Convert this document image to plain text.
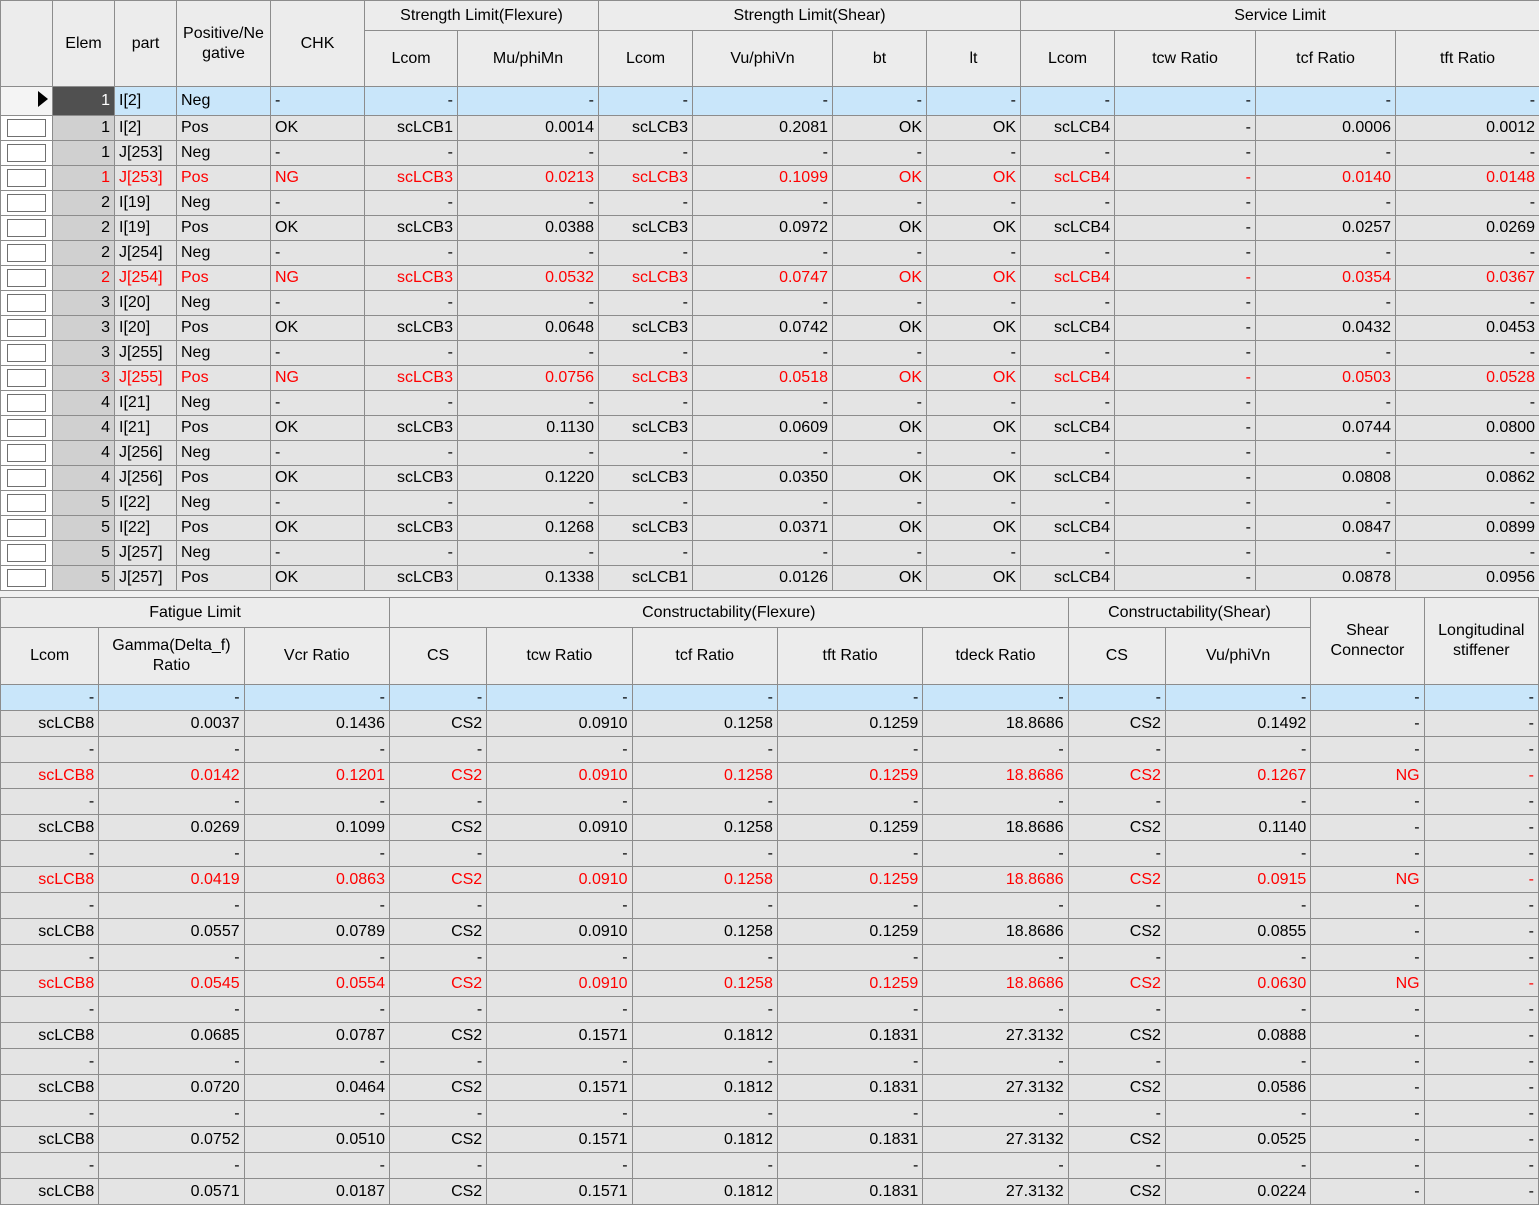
	Elem	part	Positive/Ne gative	CHK	Strength Limit(Flexure)		Strength Limit(Shear)				Service Limit			
					Lcom	Mu/phiMn	Lcom	Vu/phiVn	bt	lt	Lcom	tcw Ratio	tcf Ratio	tft Ratio
	1	I[2]	Neg	-	-	-	-	-	-	-	-	-	-	-

	1	I[2]	Pos	OK	scLCB1	0.0014	scLCB3	0.2081	OK	OK	scLCB4	-	0.0006	0.0012

	1	J[253]	Neg	-	-	-	-	-	-	-	-	-	-	-

	1	J[253]	Pos	NG	scLCB3	0.0213	scLCB3	0.1099	OK	OK	scLCB4	-	0.0140	0.0148

	2	I[19]	Neg	-	-	-	-	-	-	-	-	-	-	-

	2	I[19]	Pos	OK	scLCB3	0.0388	scLCB3	0.0972	OK	OK	scLCB4	-	0.0257	0.0269

	2	J[254]	Neg	-	-	-	-	-	-	-	-	-	-	-

	2	J[254]	Pos	NG	scLCB3	0.0532	scLCB3	0.0747	OK	OK	scLCB4	-	0.0354	0.0367

	3	I[20]	Neg	-	-	-	-	-	-	-	-	-	-	-

	3	I[20]	Pos	OK	scLCB3	0.0648	scLCB3	0.0742	OK	OK	scLCB4	-	0.0432	0.0453

	3	J[255]	Neg	-	-	-	-	-	-	-	-	-	-	-

	3	J[255]	Pos	NG	scLCB3	0.0756	scLCB3	0.0518	OK	OK	scLCB4	-	0.0503	0.0528

	4	I[21]	Neg	-	-	-	-	-	-	-	-	-	-	-

	4	I[21]	Pos	OK	scLCB3	0.1130	scLCB3	0.0609	OK	OK	scLCB4	-	0.0744	0.0800

	4	J[256]	Neg	-	-	-	-	-	-	-	-	-	-	-

	4	J[256]	Pos	OK	scLCB3	0.1220	scLCB3	0.0350	OK	OK	scLCB4	-	0.0808	0.0862

	5	I[22]	Neg	-	-	-	-	-	-	-	-	-	-	-

	5	I[22]	Pos	OK	scLCB3	0.1268	scLCB3	0.0371	OK	OK	scLCB4	-	0.0847	0.0899

	5	J[257]	Neg	-	-	-	-	-	-	-	-	-	-	-

	5	J[257]	Pos	OK	scLCB3	0.1338	scLCB1	0.0126	OK	OK	scLCB4	-	0.0878	0.0956
Fatigue Limit			Constructability(Flexure)					Constructability(Shear)		Shear Connector	Longitudinal stiffener
Lcom	Gamma(Delta_f) Ratio	Vcr Ratio	CS	tcw Ratio	tcf Ratio	tft Ratio	tdeck Ratio	CS	Vu/phiVn		
-	-	-	-	-	-	-	-	-	-	-	-
scLCB8	0.0037	0.1436	CS2	0.0910	0.1258	0.1259	18.8686	CS2	0.1492	-	-
-	-	-	-	-	-	-	-	-	-	-	-
scLCB8	0.0142	0.1201	CS2	0.0910	0.1258	0.1259	18.8686	CS2	0.1267	NG	-
-	-	-	-	-	-	-	-	-	-	-	-
scLCB8	0.0269	0.1099	CS2	0.0910	0.1258	0.1259	18.8686	CS2	0.1140	-	-
-	-	-	-	-	-	-	-	-	-	-	-
scLCB8	0.0419	0.0863	CS2	0.0910	0.1258	0.1259	18.8686	CS2	0.0915	NG	-
-	-	-	-	-	-	-	-	-	-	-	-
scLCB8	0.0557	0.0789	CS2	0.0910	0.1258	0.1259	18.8686	CS2	0.0855	-	-
-	-	-	-	-	-	-	-	-	-	-	-
scLCB8	0.0545	0.0554	CS2	0.0910	0.1258	0.1259	18.8686	CS2	0.0630	NG	-
-	-	-	-	-	-	-	-	-	-	-	-
scLCB8	0.0685	0.0787	CS2	0.1571	0.1812	0.1831	27.3132	CS2	0.0888	-	-
-	-	-	-	-	-	-	-	-	-	-	-
scLCB8	0.0720	0.0464	CS2	0.1571	0.1812	0.1831	27.3132	CS2	0.0586	-	-
-	-	-	-	-	-	-	-	-	-	-	-
scLCB8	0.0752	0.0510	CS2	0.1571	0.1812	0.1831	27.3132	CS2	0.0525	-	-
-	-	-	-	-	-	-	-	-	-	-	-
scLCB8	0.0571	0.0187	CS2	0.1571	0.1812	0.1831	27.3132	CS2	0.0224	-	-
